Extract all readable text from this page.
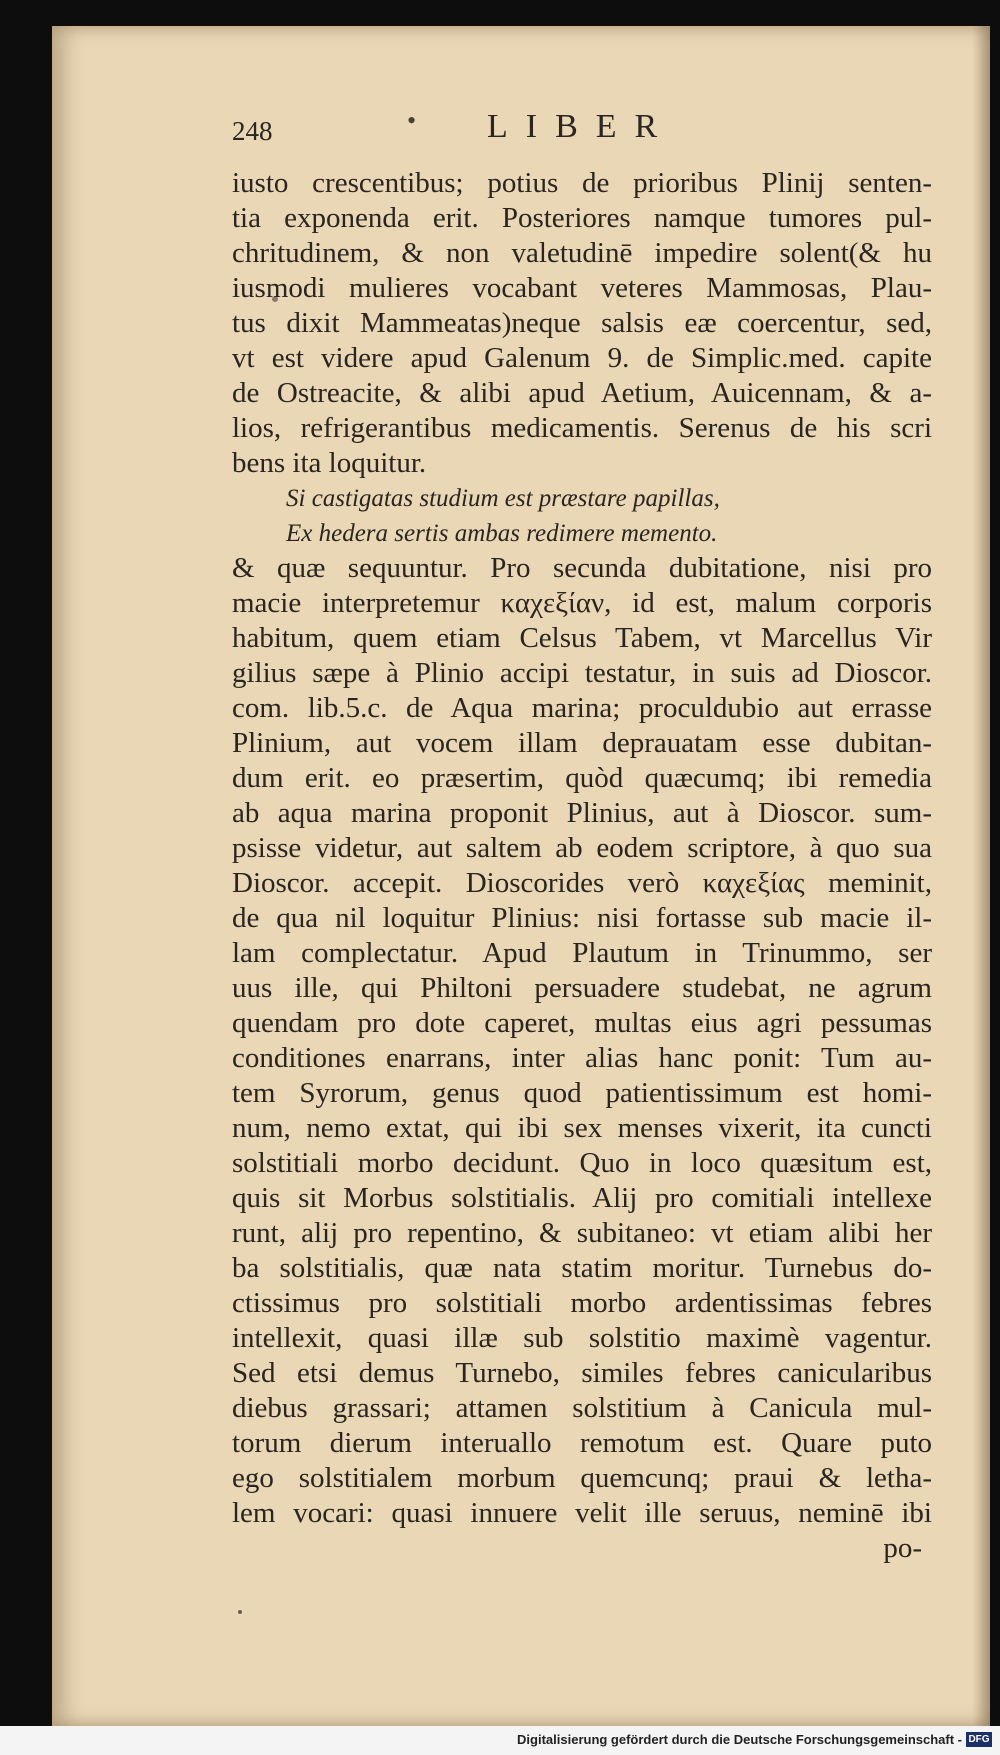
248	• LIBER
iusto crescentibus; potius de prioribus Plinij senten-
tia exponenda erit. Posteriores namque tumores pul-
chritudinem, & non valetudinē impedire solent(& hu
iusmodi mulieres vocabant veteres Mammosas, Plau-
tus dixit Mammeatas)neque salsis eæ coercentur, sed,
vt est videre apud Galenum 9. de Simplic.med. capite
de Ostreacite, & alibi apud Aetium, Auicennam, & a-
lios, refrigerantibus medicamentis. Serenus de his scri
bens ita loquitur.
Si castigatas studium est præstare papillas,
Ex hedera sertis ambas redimere memento.
& quæ sequuntur. Pro secunda dubitatione, nisi pro
macie interpretemur καχεξίαν, id est, malum corporis
habitum, quem etiam Celsus Tabem, vt Marcellus Vir
gilius sæpe à Plinio accipi testatur, in suis ad Dioscor.
com. lib.5.c. de Aqua marina; proculdubio aut errasse
Plinium, aut vocem illam deprauatam esse dubitan-
dum erit. eo præsertim, quòd quæcumq; ibi remedia
ab aqua marina proponit Plinius, aut à Dioscor. sum-
psisse videtur, aut saltem ab eodem scriptore, à quo sua
Dioscor. accepit. Dioscorides verò καχεξίας meminit,
de qua nil loquitur Plinius: nisi fortasse sub macie il-
lam complectatur. Apud Plautum in Trinummo, ser
uus ille, qui Philtoni persuadere studebat, ne agrum
quendam pro dote caperet, multas eius agri pessumas
conditiones enarrans, inter alias hanc ponit: Tum au-
tem Syrorum, genus quod patientissimum est homi-
num, nemo extat, qui ibi sex menses vixerit, ita cuncti
solstitiali morbo decidunt. Quo in loco quæsitum est,
quis sit Morbus solstitialis. Alij pro comitiali intellexe
runt, alij pro repentino, & subitaneo: vt etiam alibi her
ba solstitialis, quæ nata statim moritur. Turnebus do-
ctissimus pro solstitiali morbo ardentissimas febres
intellexit, quasi illæ sub solstitio maximè vagentur.
Sed etsi demus Turnebo, similes febres canicularibus
diebus grassari; attamen solstitium à Canicula mul-
torum dierum interuallo remotum est. Quare puto
ego solstitialem morbum quemcunq; praui & letha-
lem vocari: quasi innuere velit ille seruus, neminē ibi
po-
Digitalisierung gefördert durch die Deutsche Forschungsgemeinschaft - DFG
